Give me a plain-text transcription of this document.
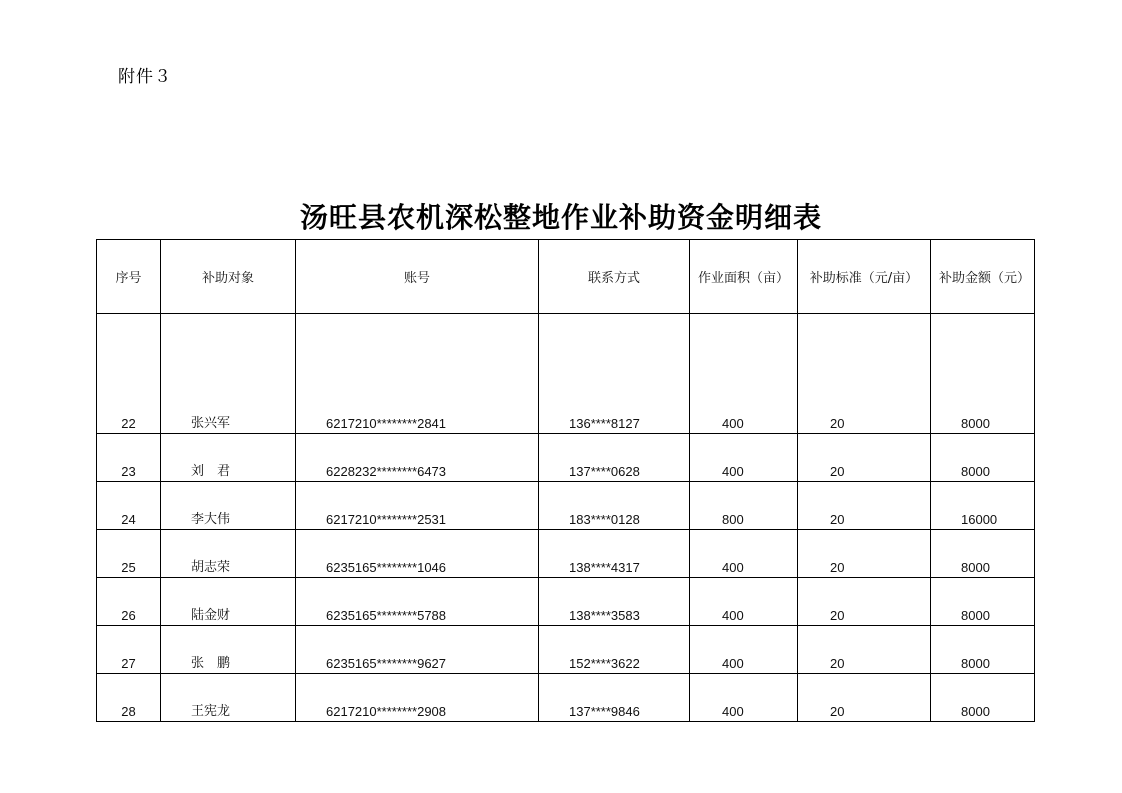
附件３
汤旺县农机深松整地作业补助资金明细表
序号	补助对象	账号	联系方式	作业面积（亩）	补助标准（元/亩）	补助金额（元）
22	张兴军	6217210********2841	136****8127	400	20	8000
23	刘　君	6228232********6473	137****0628	400	20	8000
24	李大伟	6217210********2531	183****0128	800	20	16000
25	胡志荣	6235165********1046	138****4317	400	20	8000
26	陆金财	6235165********5788	138****3583	400	20	8000
27	张　鹏	6235165********9627	152****3622	400	20	8000
28	王宪龙	6217210********2908	137****9846	400	20	8000
